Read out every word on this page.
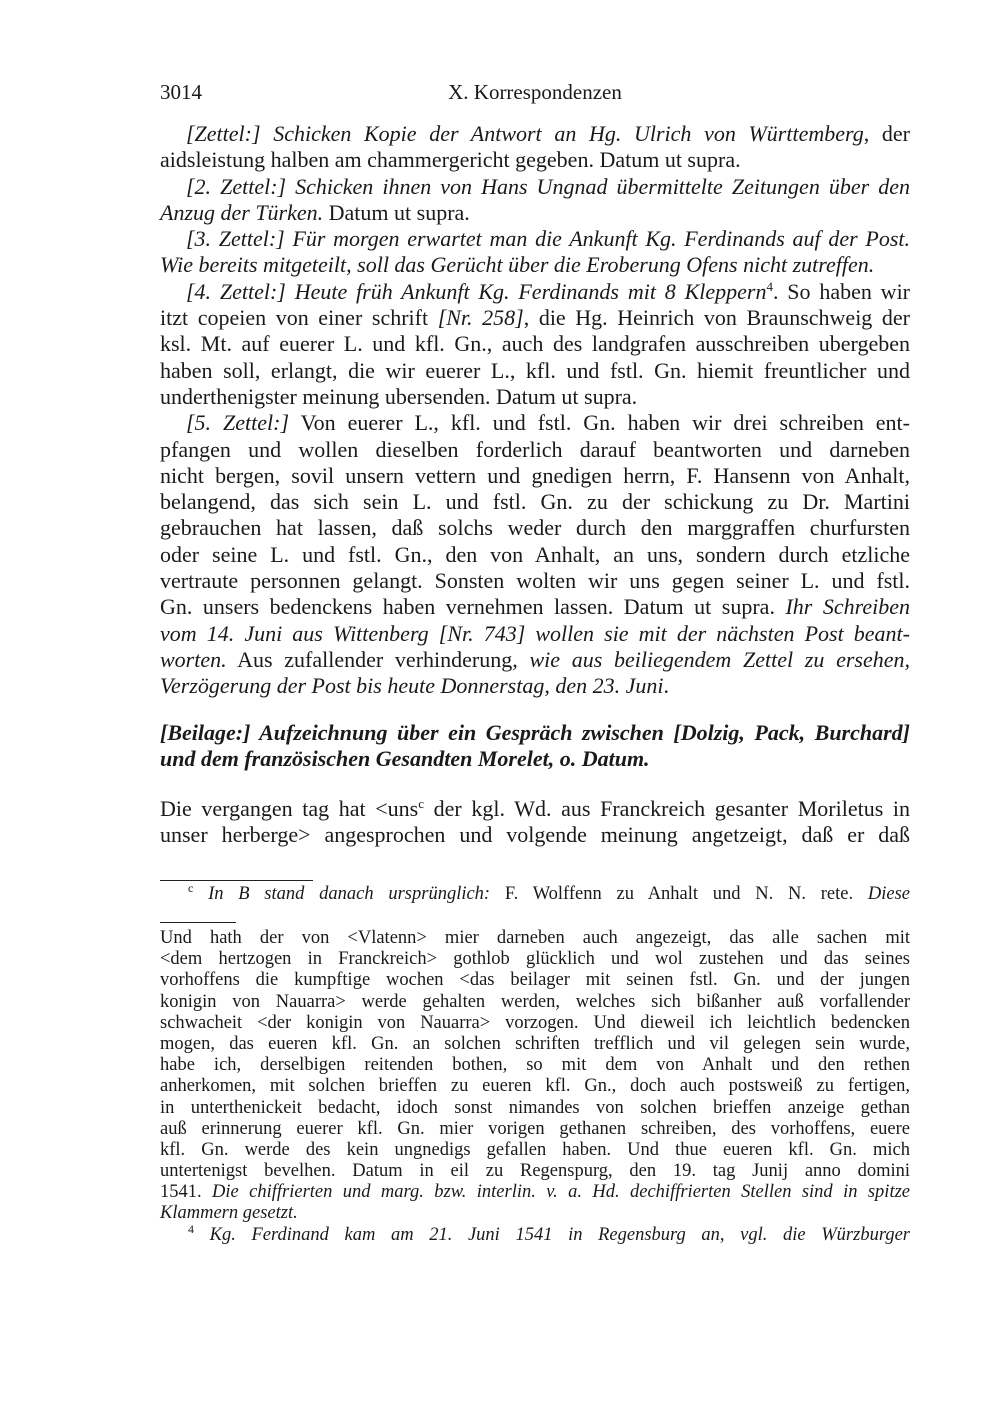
3014	X. Korrespondenzen
[Zettel:] Schicken Kopie der Antwort an Hg. Ulrich von Württemberg, der
aidsleistung halben am chammergericht gegeben. Datum ut supra.
[2. Zettel:] Schicken ihnen von Hans Ungnad übermittelte Zeitungen über den
Anzug der Türken. Datum ut supra.
[3. Zettel:] Für morgen erwartet man die Ankunft Kg. Ferdinands auf der Post.
Wie bereits mitgeteilt, soll das Gerücht über die Eroberung Ofens nicht zutreffen.
[4. Zettel:] Heute früh Ankunft Kg. Ferdinands mit 8 Kleppern$^4$. So haben wir
itzt copeien von einer schrift [Nr. 258], die Hg. Heinrich von Braunschweig der
ksl. Mt. auf euerer L. und kfl. Gn., auch des landgrafen ausschreiben ubergeben
haben soll, erlangt, die wir euerer L., kfl. und fstl. Gn. hiemit freuntlicher und
underthenigster meinung ubersenden. Datum ut supra.
[5. Zettel:] Von euerer L., kfl. und fstl. Gn. haben wir drei schreiben ent-
pfangen und wollen dieselben forderlich darauf beantworten und darneben
nicht bergen, sovil unsern vettern und gnedigen herrn, F. Hansenn von Anhalt,
belangend, das sich sein L. und fstl. Gn. zu der schickung zu Dr. Martini
gebrauchen hat lassen, daß solchs weder durch den marggraffen churfursten
oder seine L. und fstl. Gn., den von Anhalt, an uns, sondern durch etzliche
vertraute personnen gelangt. Sonsten wolten wir uns gegen seiner L. und fstl.
Gn. unsers bedenckens haben vernehmen lassen. Datum ut supra. Ihr Schreiben
vom 14. Juni aus Wittenberg [Nr. 743] wollen sie mit der nächsten Post beant-
worten. Aus zufallender verhinderung, wie aus beiliegendem Zettel zu ersehen,
Verzögerung der Post bis heute Donnerstag, den 23. Juni.
[Beilage:] Aufzeichnung über ein Gespräch zwischen [Dolzig, Pack, Burchard]
und dem französischen Gesandten Morelet, o. Datum.
Die vergangen tag hat <uns$^c$ der kgl. Wd. aus Franckreich gesanter Moriletus in
unser herberge> angesprochen und volgende meinung angetzeigt, daß er daß
$^c$ In B stand danach ursprünglich: F. Wolffenn zu Anhalt und N. N. rete. Diese
Und hath der von <Vlatenn> mier darneben auch angezeigt, das alle sachen mit
<dem hertzogen in Franckreich> gothlob glücklich und wol zustehen und das seines
vorhoffens die kumpftige wochen <das beilager mit seinen fstl. Gn. und der jungen
konigin von Nauarra> werde gehalten werden, welches sich bißanher auß vorfallender
schwacheit <der konigin von Nauarra> vorzogen. Und dieweil ich leichtlich bedencken
mogen, das eueren kfl. Gn. an solchen schriften trefflich und vil gelegen sein wurde,
habe ich, derselbigen reitenden bothen, so mit dem von Anhalt und den rethen
anherkomen, mit solchen brieffen zu eueren kfl. Gn., doch auch postsweiß zu fertigen,
in unterthenickeit bedacht, idoch sonst nimandes von solchen brieffen anzeige gethan
auß erinnerung euerer kfl. Gn. mier vorigen gethanen schreiben, des vorhoffens, euere
kfl. Gn. werde des kein ungnedigs gefallen haben. Und thue eueren kfl. Gn. mich
untertenigst bevelhen. Datum in eil zu Regenspurg, den 19. tag Junij anno domini
1541. Die chiffrierten und marg. bzw. interlin. v. a. Hd. dechiffrierten Stellen sind in spitze
Klammern gesetzt.
$^4$ Kg. Ferdinand kam am 21. Juni 1541 in Regensburg an, vgl. die Würzburger
